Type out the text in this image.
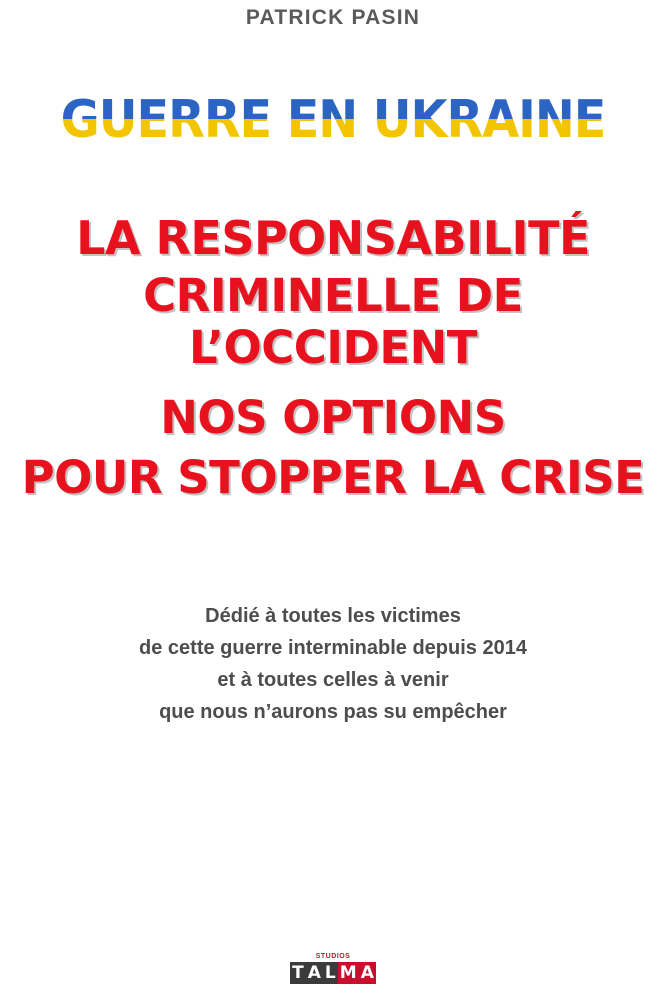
PATRICK PASIN
GUERRE EN UKRAINE
LA RESPONSABILITÉ
CRIMINELLE DE L’OCCIDENT
NOS OPTIONS
POUR STOPPER LA CRISE
Dédié à toutes les victimes
de cette guerre interminable depuis 2014
et à toutes celles à venir
que nous n’aurons pas su empêcher
STUDIOS
T A L M A
